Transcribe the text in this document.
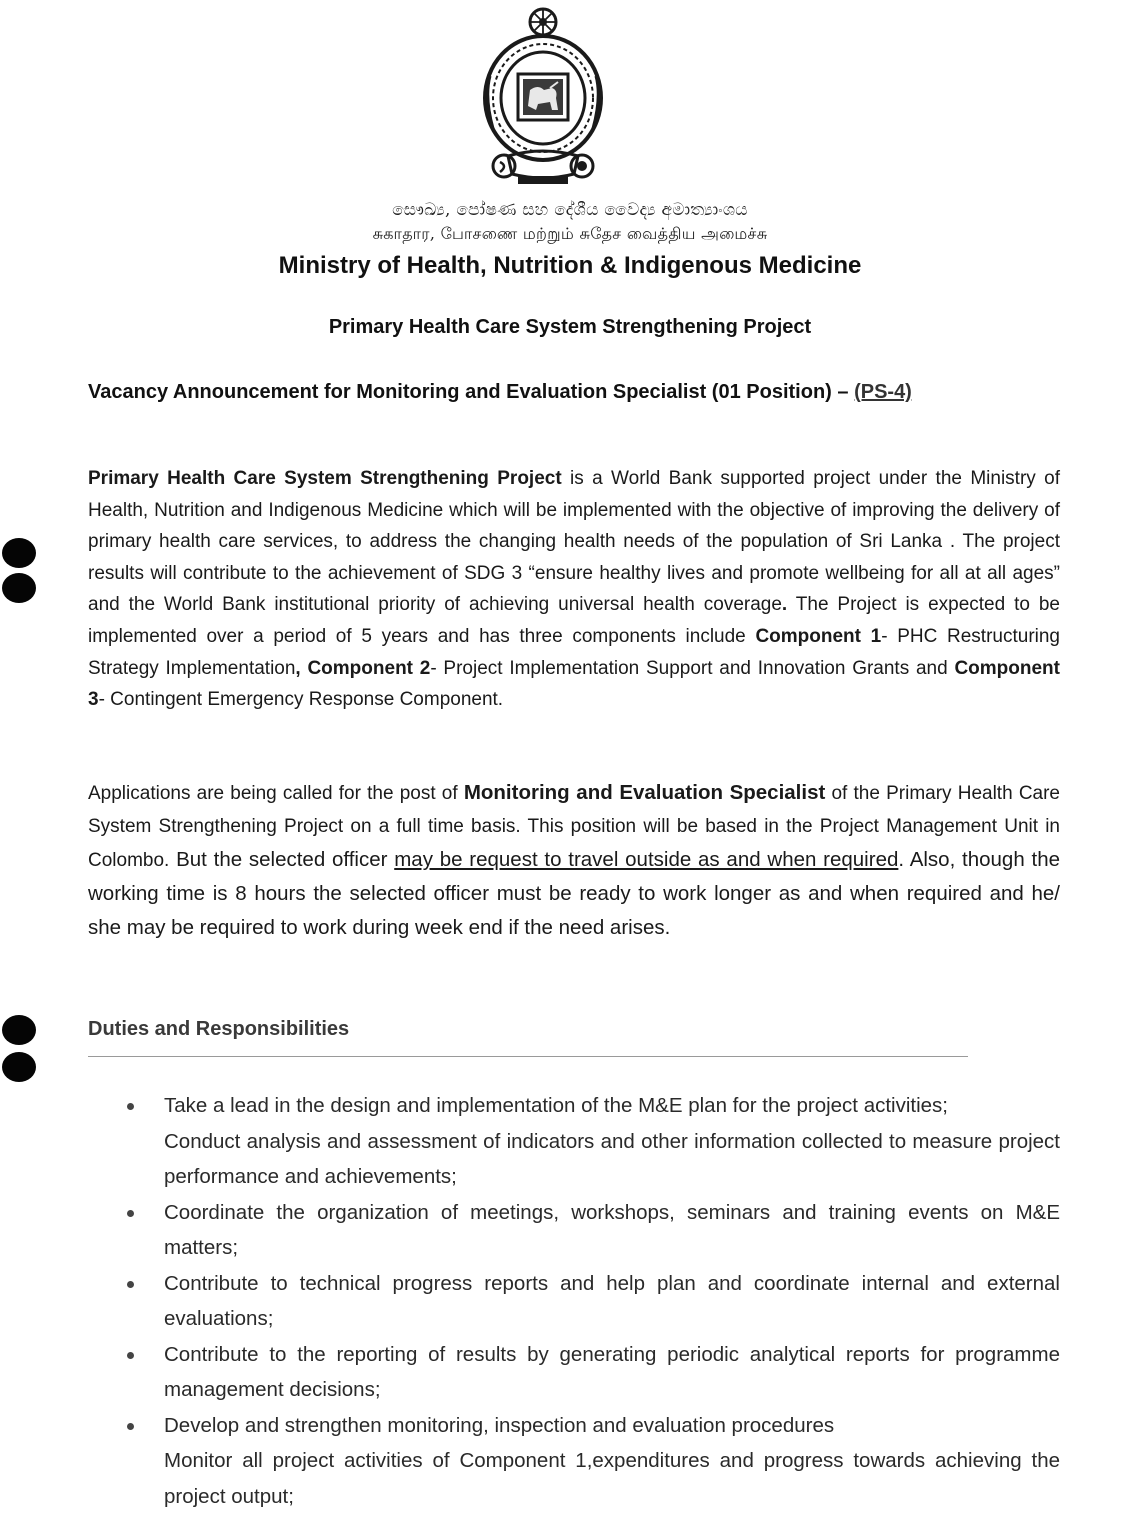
සෞඛ්‍ය, පෝෂණ සහ දේශීය වෛද්‍ය අමාත්‍යාංශය
சுகாதார, போசணை மற்றும் சுதேச வைத்திய அமைச்சு
Ministry of Health, Nutrition & Indigenous Medicine
Primary Health Care System Strengthening Project
Vacancy Announcement for Monitoring and Evaluation Specialist (01 Position) – (PS-4)

Primary Health Care System Strengthening Project is a World Bank supported project under the Ministry of Health, Nutrition and Indigenous Medicine which will be implemented with the objective of improving the delivery of primary health care services, to address the changing health needs of the population of Sri Lanka . The project results will contribute to the achievement of SDG 3 “ensure healthy lives and promote wellbeing for all at all ages” and the World Bank institutional priority of achieving universal health coverage. The Project is expected to be implemented over a period of 5 years and has three components include Component 1- PHC Restructuring Strategy Implementation, Component 2- Project Implementation Support and Innovation Grants and Component 3- Contingent Emergency Response Component.

Applications are being called for the post of Monitoring and Evaluation Specialist of the Primary Health Care System Strengthening Project on a full time basis. This position will be based in the Project Management Unit in Colombo. But the selected officer may be request to travel outside as and when required. Also, though the working time is 8 hours the selected officer must be ready to work longer as and when required and he/ she may be required to work during week end if the need arises.

Duties and Responsibilities
Take a lead in the design and implementation of the M&E plan for the project activities;
Conduct analysis and assessment of indicators and other information collected to measure project performance and achievements;
Coordinate the organization of meetings, workshops, seminars and training events on M&E matters;
Contribute to technical progress reports and help plan and coordinate internal and external evaluations;
Contribute to the reporting of results by generating periodic analytical reports for programme management decisions;
Develop and strengthen monitoring, inspection and evaluation procedures
Monitor all project activities of Component 1,expenditures and progress towards achieving the project output;
